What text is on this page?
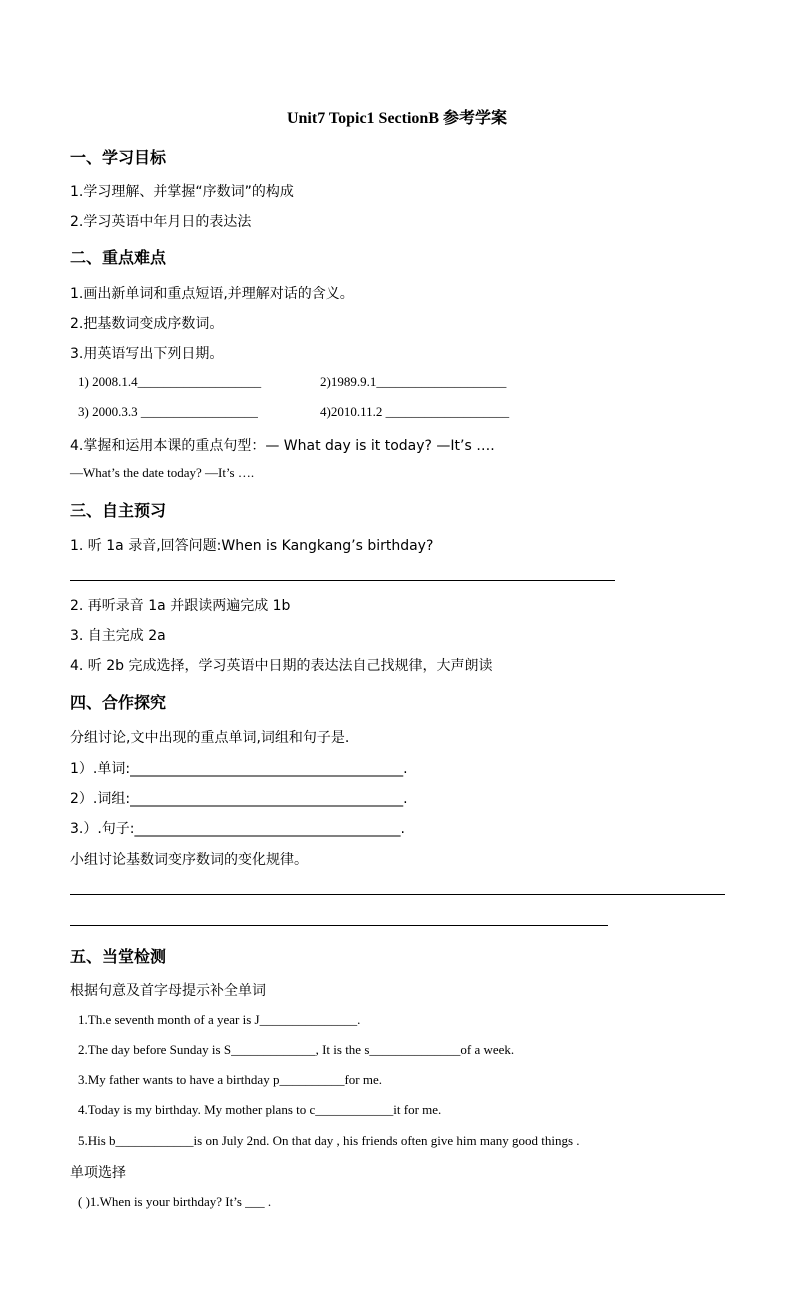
Unit7 Topic1 SectionB 参考学案
一、学习目标
1.学习理解、并掌握“序数词”的构成
2.学习英语中年月日的表达法
二、重点难点
1.画出新单词和重点短语,并理解对话的含义。
2.把基数词变成序数词。
3.用英语写出下列日期。
1) 2008.1.4___________________	2)1989.9.1____________________
3) 2000.3.3 __________________	4)2010.11.2 ___________________
4.掌握和运用本课的重点句型：— What day is it today? —It’s ….
—What’s the date today? —It’s ….
三、自主预习
1. 听 1a 录音,回答问题:When is Kangkang’s birthday?
2. 再听录音 1a 并跟读两遍完成 1b
3. 自主完成 2a
4. 听 2b 完成选择，学习英语中日期的表达法自己找规律，大声朗读
四、合作探究
分组讨论,文中出现的重点单词,词组和句子是.
1）.单词:_______________________________________.
2）.词组:_______________________________________.
3.）.句子:______________________________________.
小组讨论基数词变序数词的变化规律。
五、当堂检测
根据句意及首字母提示补全单词
1.Th.e seventh month of a year is J_______________.
2.The day before Sunday is S_____________, It is the s______________of a week.
3.My father wants to have a birthday p__________for me.
4.Today is my birthday. My mother plans to c____________it for me.
5.His b____________is on July 2nd. On that day , his friends often give him many good things .
单项选择
( )1.When is your birthday? It’s ___ .
